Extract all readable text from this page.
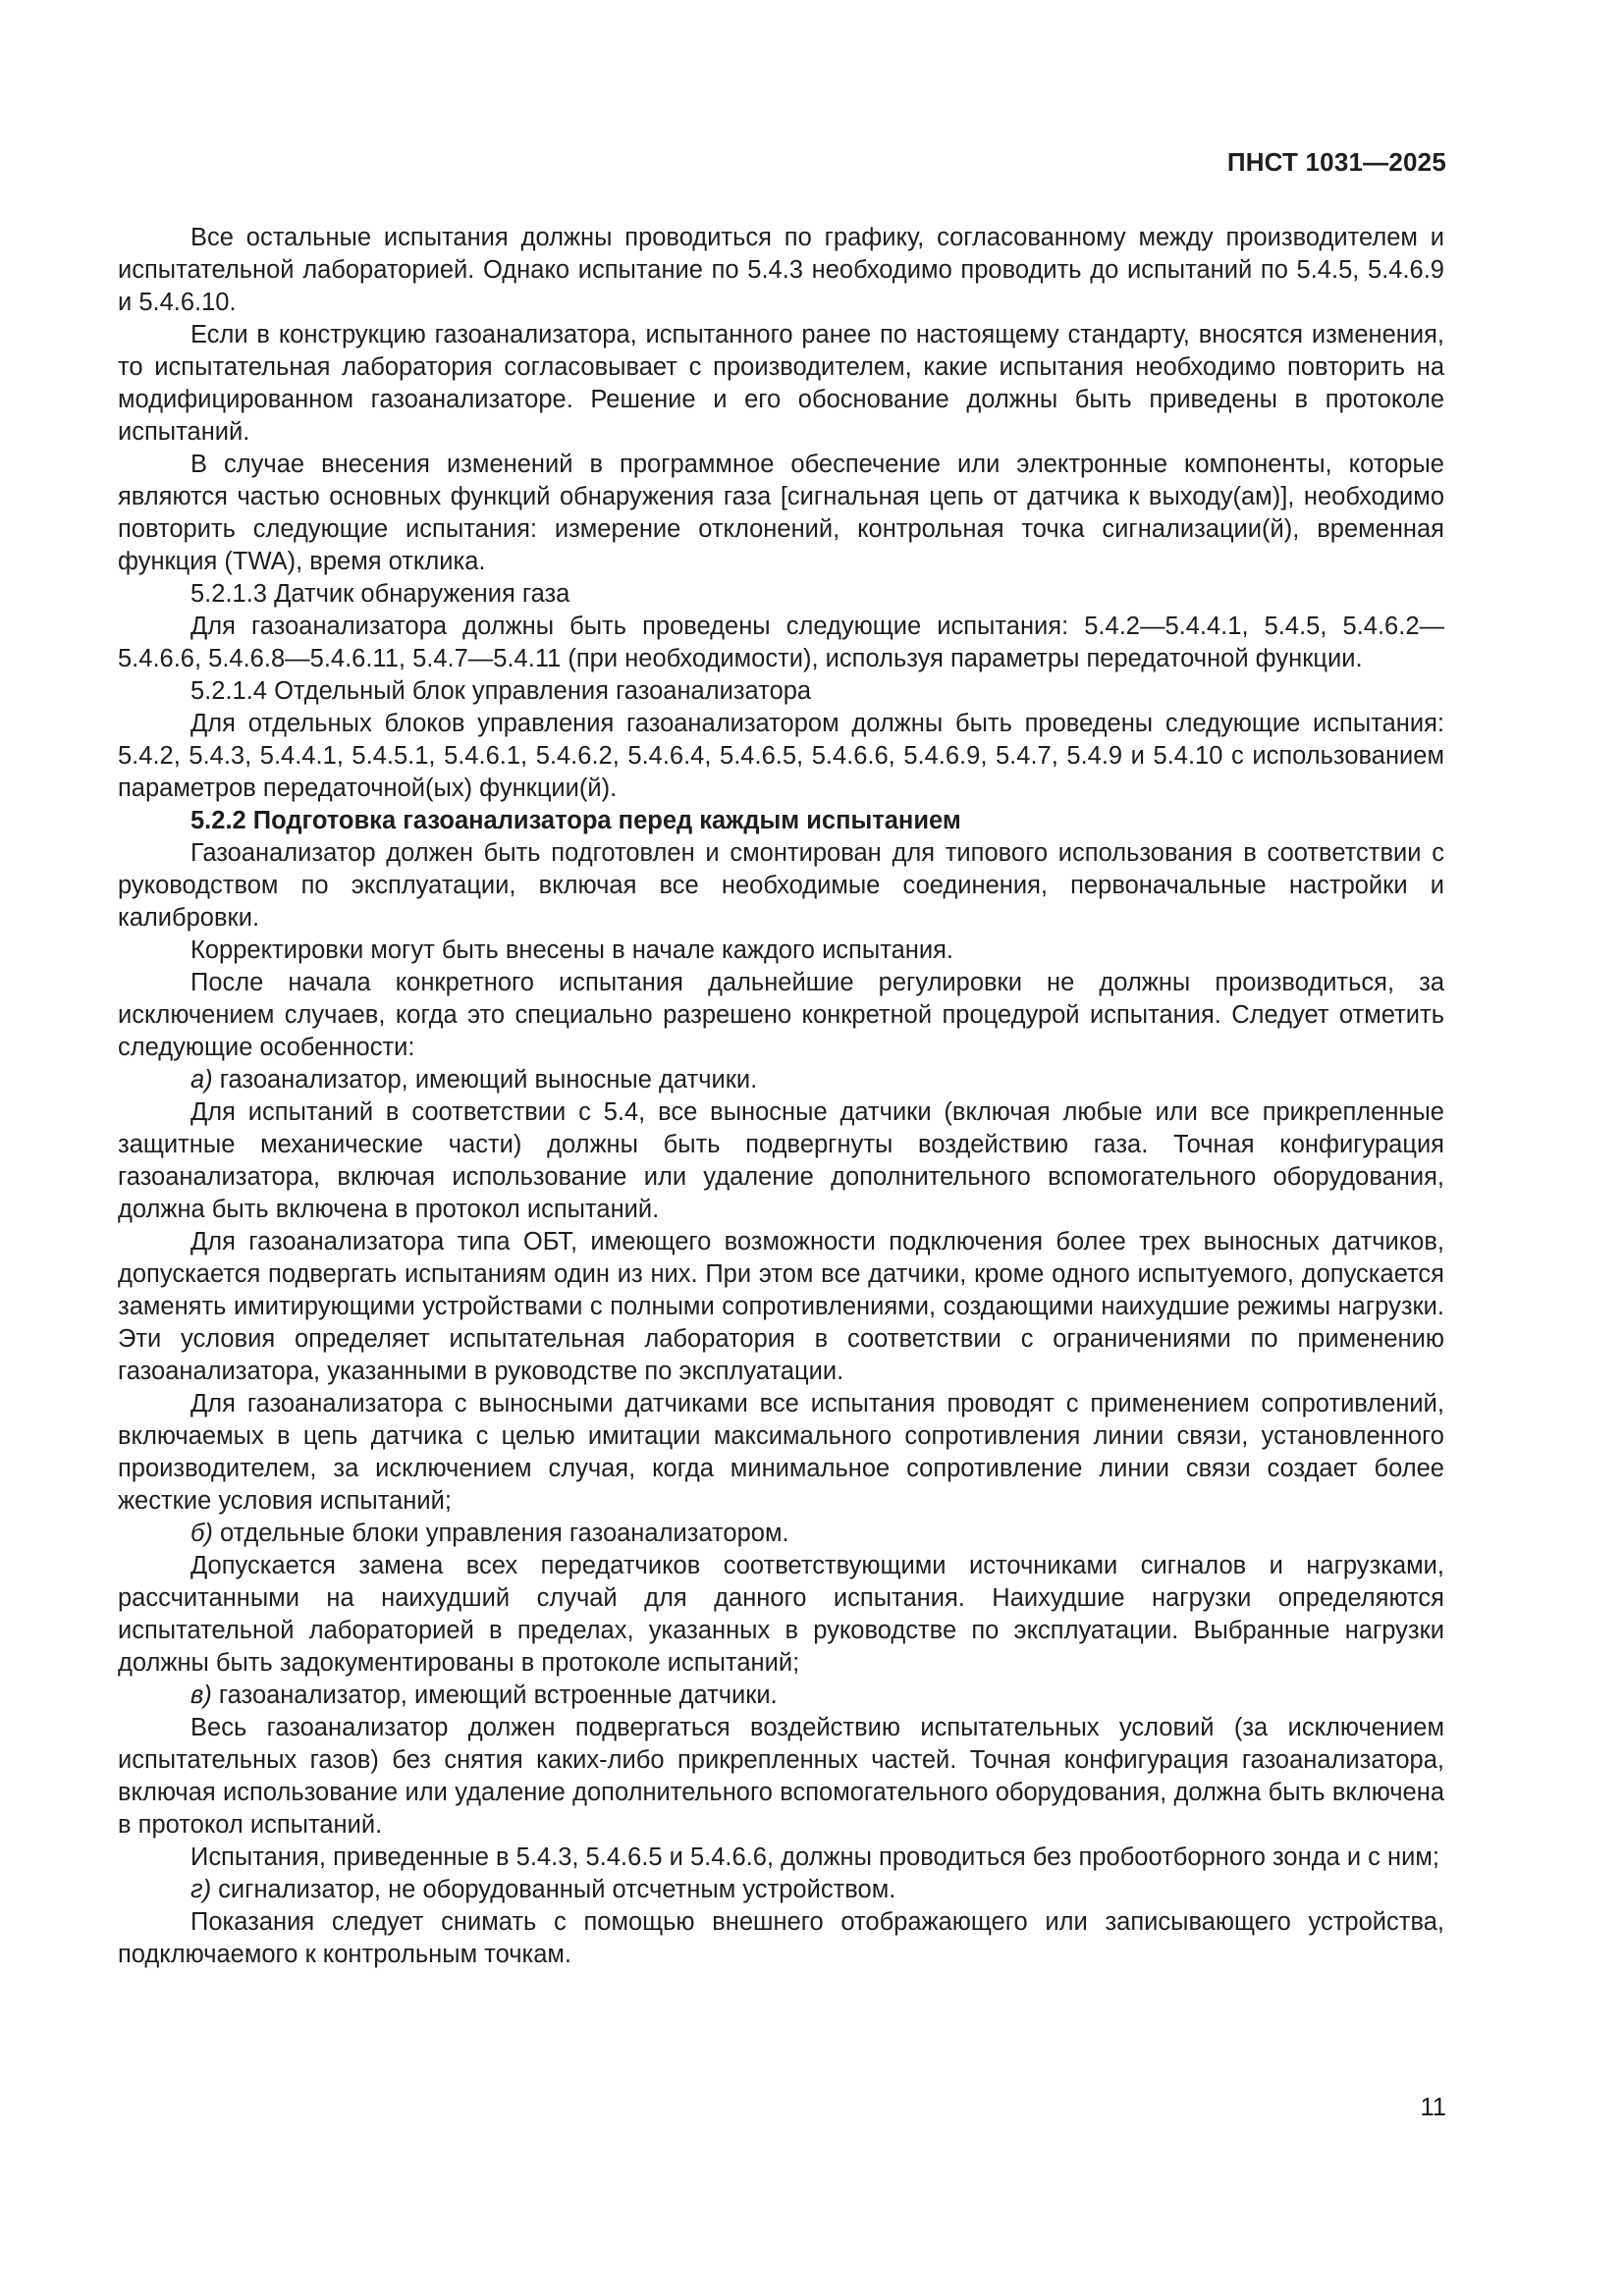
ПНСТ 1031—2025

Все остальные испытания должны проводиться по графику, согласованному между производителем и испытательной лабораторией. Однако испытание по 5.4.3 необходимо проводить до испытаний по 5.4.5, 5.4.6.9 и 5.4.6.10.

Если в конструкцию газоанализатора, испытанного ранее по настоящему стандарту, вносятся изменения, то испытательная лаборатория согласовывает с производителем, какие испытания необходимо повторить на модифицированном газоанализаторе. Решение и его обоснование должны быть приведены в протоколе испытаний.

В случае внесения изменений в программное обеспечение или электронные компоненты, которые являются частью основных функций обнаружения газа [сигнальная цепь от датчика к выходу(ам)], необходимо повторить следующие испытания: измерение отклонений, контрольная точка сигнализации(й), временная функция (TWA), время отклика.

5.2.1.3 Датчик обнаружения газа

Для газоанализатора должны быть проведены следующие испытания: 5.4.2—5.4.4.1, 5.4.5, 5.4.6.2—5.4.6.6, 5.4.6.8—5.4.6.11, 5.4.7—5.4.11 (при необходимости), используя параметры передаточной функции.

5.2.1.4 Отдельный блок управления газоанализатора

Для отдельных блоков управления газоанализатором должны быть проведены следующие испытания: 5.4.2, 5.4.3, 5.4.4.1, 5.4.5.1, 5.4.6.1, 5.4.6.2, 5.4.6.4, 5.4.6.5, 5.4.6.6, 5.4.6.9, 5.4.7, 5.4.9 и 5.4.10 с использованием параметров передаточной(ых) функции(й).

5.2.2 Подготовка газоанализатора перед каждым испытанием

Газоанализатор должен быть подготовлен и смонтирован для типового использования в соответствии с руководством по эксплуатации, включая все необходимые соединения, первоначальные настройки и калибровки.

Корректировки могут быть внесены в начале каждого испытания.

После начала конкретного испытания дальнейшие регулировки не должны производиться, за исключением случаев, когда это специально разрешено конкретной процедурой испытания. Следует отметить следующие особенности:

а) газоанализатор, имеющий выносные датчики.

Для испытаний в соответствии с 5.4, все выносные датчики (включая любые или все прикрепленные защитные механические части) должны быть подвергнуты воздействию газа. Точная конфигурация газоанализатора, включая использование или удаление дополнительного вспомогательного оборудования, должна быть включена в протокол испытаний.

Для газоанализатора типа ОБТ, имеющего возможности подключения более трех выносных датчиков, допускается подвергать испытаниям один из них. При этом все датчики, кроме одного испытуемого, допускается заменять имитирующими устройствами с полными сопротивлениями, создающими наихудшие режимы нагрузки. Эти условия определяет испытательная лаборатория в соответствии с ограничениями по применению газоанализатора, указанными в руководстве по эксплуатации.

Для газоанализатора с выносными датчиками все испытания проводят с применением сопротивлений, включаемых в цепь датчика с целью имитации максимального сопротивления линии связи, установленного производителем, за исключением случая, когда минимальное сопротивление линии связи создает более жесткие условия испытаний;

б) отдельные блоки управления газоанализатором.

Допускается замена всех передатчиков соответствующими источниками сигналов и нагрузками, рассчитанными на наихудший случай для данного испытания. Наихудшие нагрузки определяются испытательной лабораторией в пределах, указанных в руководстве по эксплуатации. Выбранные нагрузки должны быть задокументированы в протоколе испытаний;

в) газоанализатор, имеющий встроенные датчики.

Весь газоанализатор должен подвергаться воздействию испытательных условий (за исключением испытательных газов) без снятия каких-либо прикрепленных частей. Точная конфигурация газоанализатора, включая использование или удаление дополнительного вспомогательного оборудования, должна быть включена в протокол испытаний.

Испытания, приведенные в 5.4.3, 5.4.6.5 и 5.4.6.6, должны проводиться без пробоотборного зонда и с ним;

г) сигнализатор, не оборудованный отсчетным устройством.

Показания следует снимать с помощью внешнего отображающего или записывающего устройства, подключаемого к контрольным точкам.

11
